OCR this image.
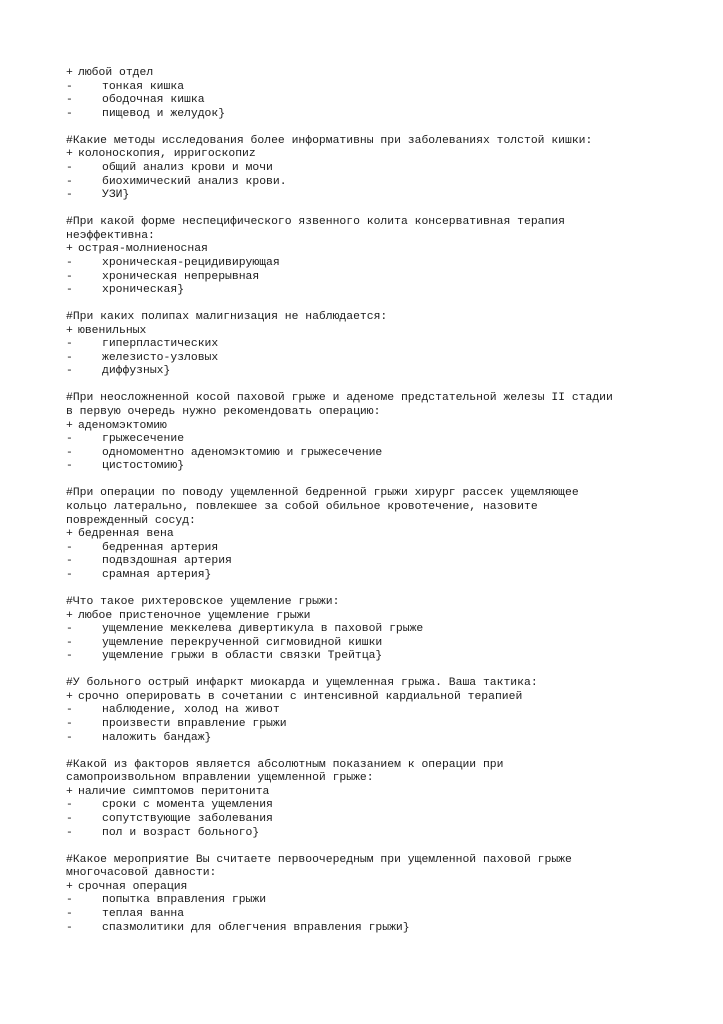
+
любой отдел
-	тонкая кишка
-	ободочная кишка
-	пищевод и желудок}
#Какие методы исследования более информативны при заболеваниях толстой кишки:
+
колоноскопия, ирригоскопиz
-	общий анализ крови и мочи
-	биохимический анализ крови.
-	УЗИ}
#При какой форме неспецифического язвенного колита консервативная терапия
неэффективна:
+
острая-молниеносная
-	хроническая-рецидивирующая
-	хроническая непрерывная
-	хроническая}
#При каких полипах малигнизация не наблюдается:
+
ювенильных
-	гиперпластических
-	железисто-узловых
-	диффузных}
#При неосложненной косой паховой грыже и аденоме предстательной железы II стадии
в первую очередь нужно рекомендовать операцию:
+
аденомэктомию
-	грыжесечение
-	одномоментно аденомэктомию и грыжесечение
-	цистостомию}
#При операции по поводу ущемленной бедренной грыжи хирург рассек ущемляющее
кольцо латерально, повлекшее за собой обильное кровотечение, назовите
поврежденный сосуд:
+
бедренная вена
-	бедренная артерия
-	подвздошная артерия
-	срамная артерия}
#Что такое рихтеровское ущемление грыжи:
+
любое пристеночное ущемление грыжи
-	ущемление меккелева дивертикула в паховой грыже
-	ущемление перекрученной сигмовидной кишки
-	ущемление грыжи в области связки Трейтца}
#У больного острый инфаркт миокарда и ущемленная грыжа. Ваша тактика:
+
срочно оперировать в сочетании с интенсивной кардиальной терапией
-	наблюдение, холод на живот
-	произвести вправление грыжи
-	наложить бандаж}
#Какой из факторов является абсолютным показанием к операции при
самопроизвольном вправлении ущемленной грыже:
+
наличие симптомов перитонита
-	сроки с момента ущемления
-	сопутствующие заболевания
-	пол и возраст больного}
#Какое мероприятие Вы считаете первоочередным при ущемленной паховой грыже
многочасовой давности:
+
срочная операция
-	попытка вправления грыжи
-	теплая ванна
-	спазмолитики для облегчения вправления грыжи}
